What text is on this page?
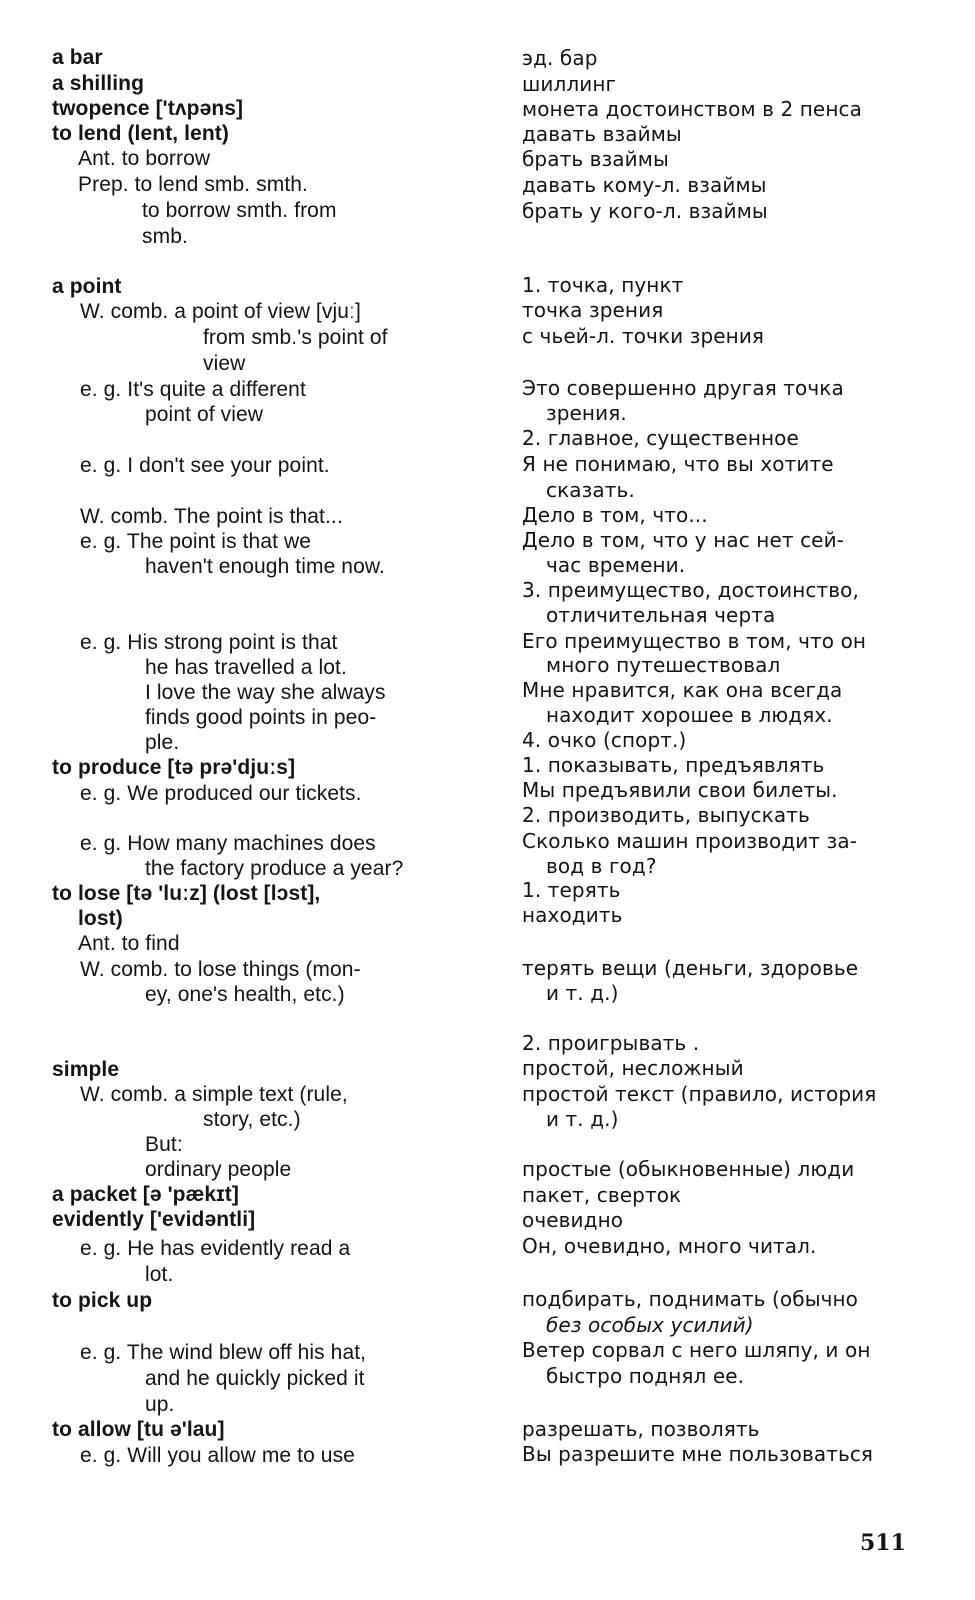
a bar
a shilling
twopence ['tʌpəns]
to lend (lent, lent)
Ant. to borrow
Prep. to lend smb. smth.
to borrow smth. from
smb.
a point
W. comb. a point of view [vjuː]
from smb.'s point of
view
e. g. It's quite a different
point of view
e. g. I don't see your point.
W. comb. The point is that...
e. g. The point is that we
haven't enough time now.
e. g. His strong point is that
he has travelled a lot.
I love the way she always
finds good points in peo-
ple.
to produce [tə prə'djuːs]
e. g. We produced our tickets.
e. g. How many machines does
the factory produce a year?
to lose [tə 'luːz] (lost [lɔst],
lost)
Ant. to find
W. comb. to lose things (mon-
ey, one's health, etc.)
simple
W. comb. a simple text (rule,
story, etc.)
But:
ordinary people
a packet [ə 'pækɪt]
evidently ['evidəntli]
e. g. He has evidently read a
lot.
to pick up
e. g. The wind blew off his hat,
and he quickly picked it
up.
to allow [tu ə'lau]
e. g. Will you allow me to use
эд. бар
шиллинг
монета достоинством в 2 пенса
давать взаймы
брать взаймы
давать кому-л. взаймы
брать у кого-л. взаймы
1. точка, пункт
точка зрения
с чьей-л. точки зрения
Это совершенно другая точка
зрения.
2. главное, существенное
Я не понимаю, что вы хотите
сказать.
Дело в том, что...
Дело в том, что у нас нет сей-
час времени.
3. преимущество, достоинство,
отличительная черта
Его преимущество в том, что он
много путешествовал
Мне нравится, как она всегда
находит хорошее в людях.
4. очко (спорт.)
1. показывать, предъявлять
Мы предъявили свои билеты.
2. производить, выпускать
Сколько машин производит за-
вод в год?
1. терять
находить
терять вещи (деньги, здоровье
и т. д.)
2. проигрывать .
простой, несложный
простой текст (правило, история
и т. д.)
простые (обыкновенные) люди
пакет, сверток
очевидно
Он, очевидно, много читал.
подбирать, поднимать (обычно
без особых усилий)
Ветер сорвал с него шляпу, и он
быстро поднял ее.
разрешать, позволять
Вы разрешите мне пользоваться
511
